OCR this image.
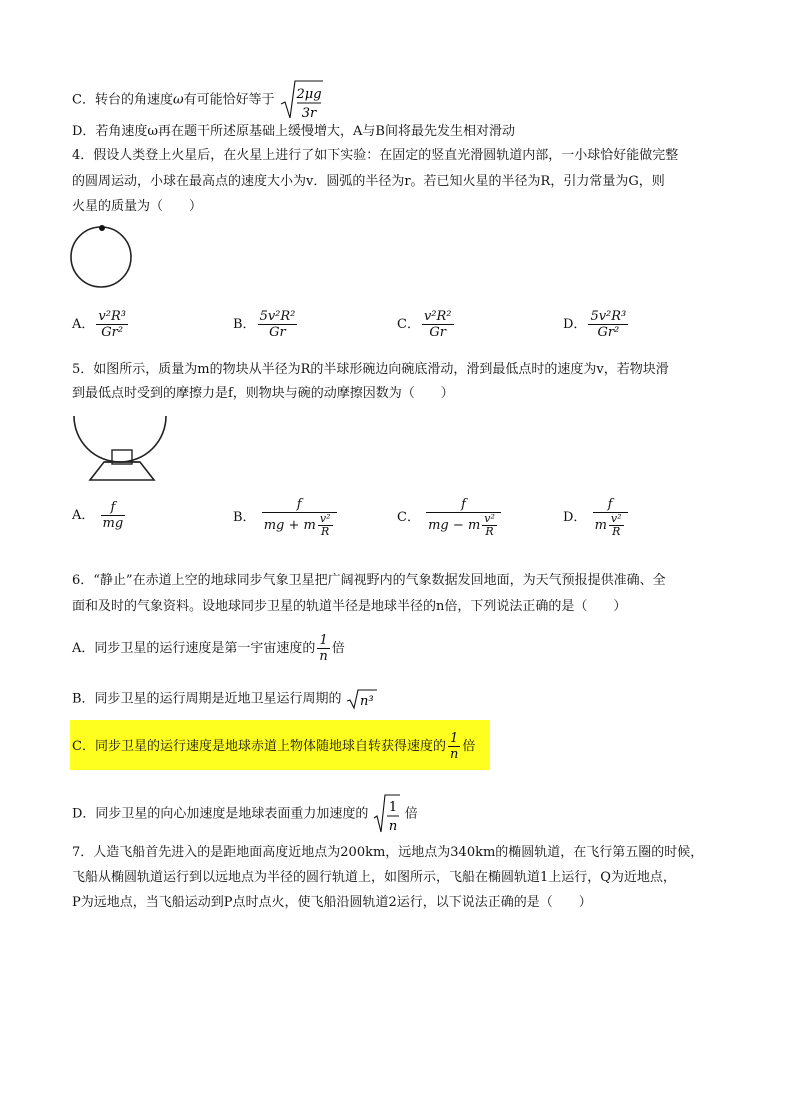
C．转台的角速度ω有可能恰好等于 2μg
3r
D．若角速度ω再在题干所述原基础上缓慢增大，A与B间将最先发生相对滑动
4．假设人类登上火星后，在火星上进行了如下实验：在固定的竖直光滑圆轨道内部，一小球恰好能做完整
的圆周运动，小球在最高点的速度大小为v．圆弧的半径为r。若已知火星的半径为R，引力常量为G，则
火星的质量为（　　）
A． $\frac{\text{v²R³}}{\text{Gr²}}$	B． $\frac{\text{5v²R²}}{Gr}$	C． $\frac{\text{v²R²}}{Gr}$	D． $\frac{\text{5v²R³}}{\text{Gr²}}$
5．如图所示，质量为m的物块从半径为R的半球形碗边向碗底滑动，滑到最低点时的速度为v，若物块滑
到最低点时受到的摩擦力是f，则物块与碗的动摩擦因数为（　　）
A． $\frac{f}{mg}$	B． $\frac{f}{mg + m \frac{\text{v²}}{R}}$	C． $\frac{f}{mg - m \frac{\text{v²}}{R}}$	D． $\frac{f}{m \frac{\text{v²}}{R}}$
6．“静止”在赤道上空的地球同步气象卫星把广阔视野内的气象数据发回地面，为天气预报提供准确、全
面和及时的气象资料。设地球同步卫星的轨道半径是地球半径的n倍，下列说法正确的是（　　）
A．同步卫星的运行速度是第一宇宙速度的 $\frac{1}{n}$ 倍
B．同步卫星的运行周期是近地卫星运行周期的 n³
C．同步卫星的运行速度是地球赤道上物体随地球自转获得速度的 $\frac{1}{n}$ 倍
D．同步卫星的向心加速度是地球表面重力加速度的 1
n
倍
7．人造飞船首先进入的是距地面高度近地点为200km，远地点为340km的椭圆轨道，在飞行第五圈的时候，
飞船从椭圆轨道运行到以远地点为半径的圆行轨道上，如图所示，飞船在椭圆轨道1上运行，Q为近地点，
P为远地点，当飞船运动到P点时点火，使飞船沿圆轨道2运行，以下说法正确的是（　　）
